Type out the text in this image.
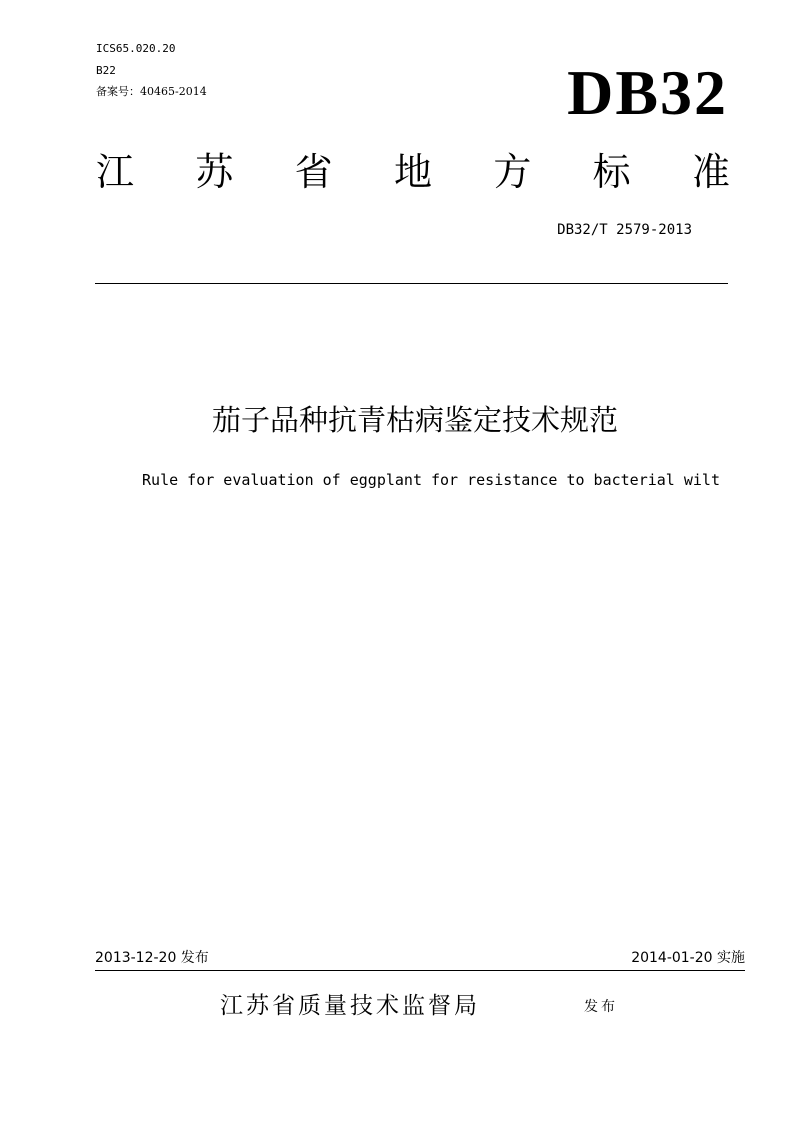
ICS65.020.20
B22
备案号：40465-2014	DB32
江 苏 省 地 方 标 准
DB32/T 2579-2013
茄子品种抗青枯病鉴定技术规范
Rule for evaluation of eggplant for resistance to bacterial wilt
2013-12-20 发布	2014-01-20 实施
江苏省质量技术监督局	发布
